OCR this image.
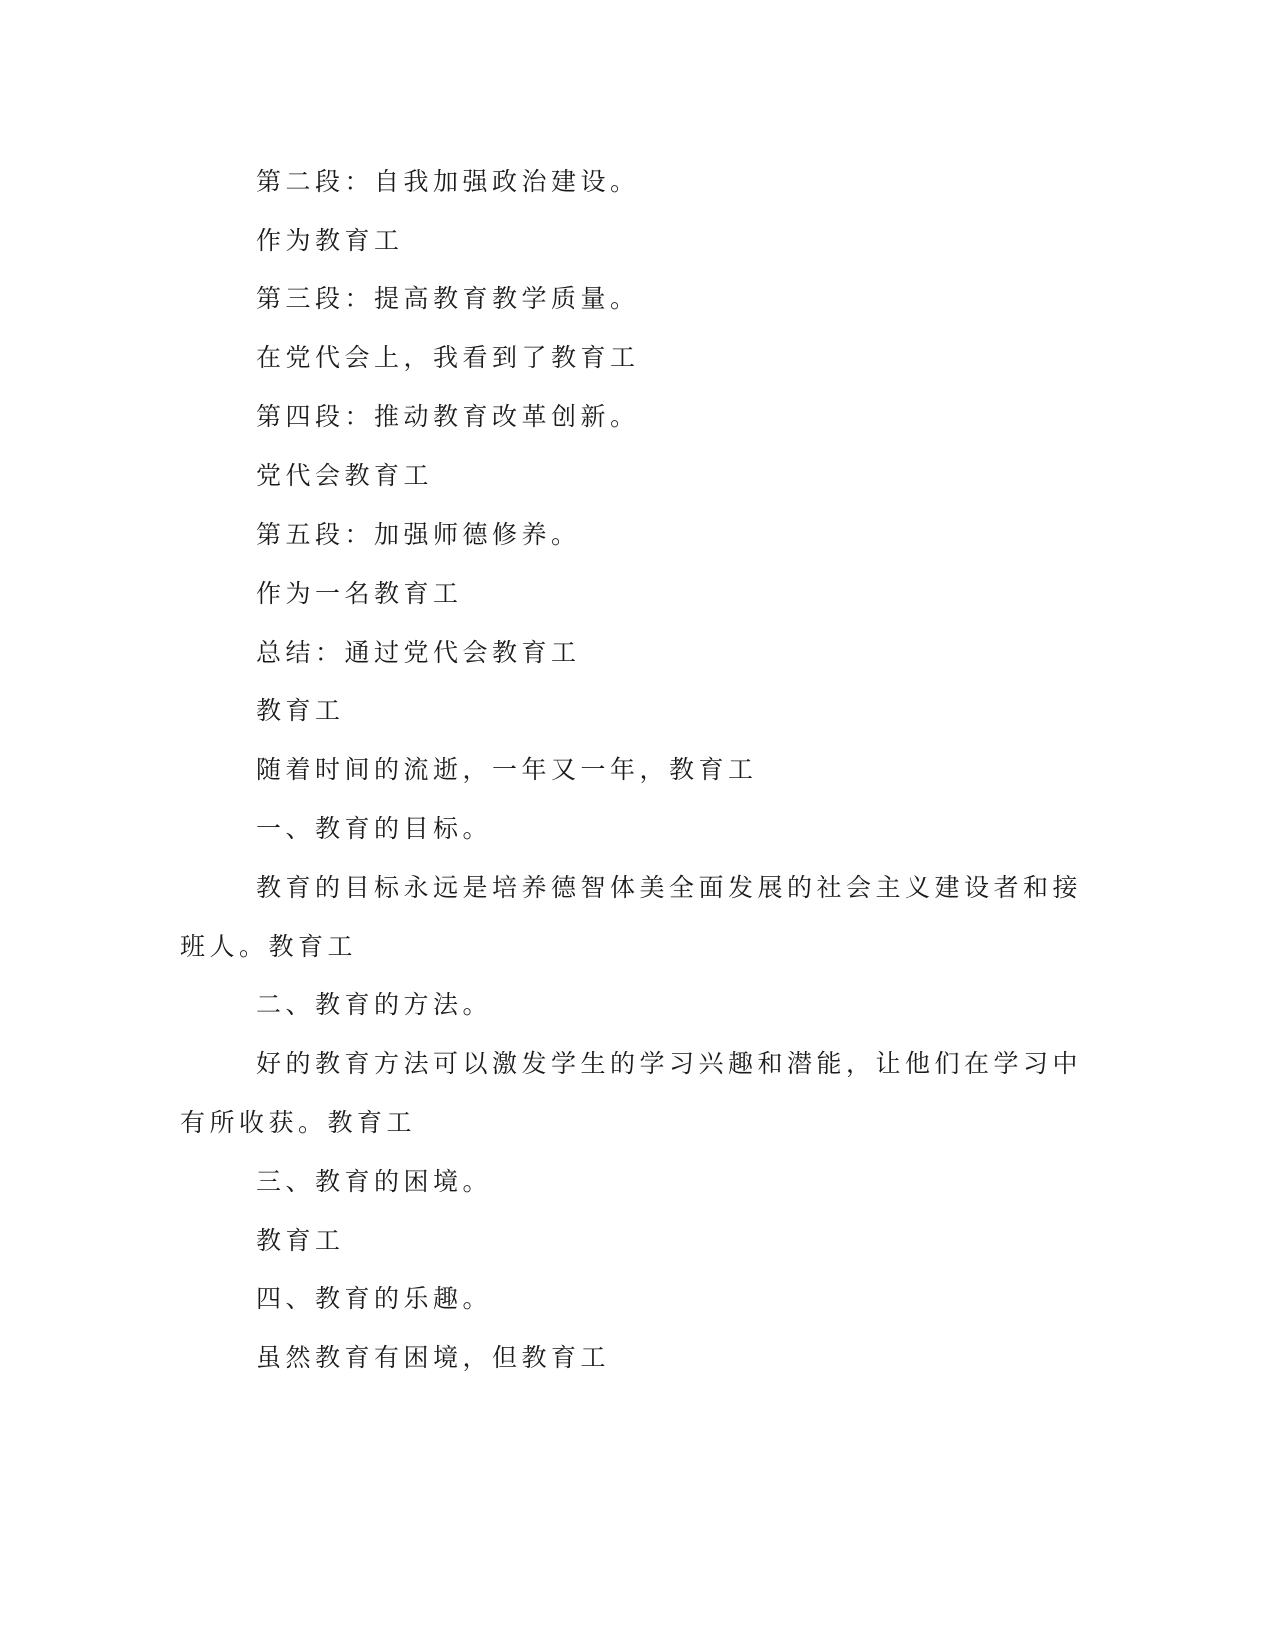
第二段：自我加强政治建设。
作为教育工
第三段：提高教育教学质量。
在党代会上，我看到了教育工
第四段：推动教育改革创新。
党代会教育工
第五段：加强师德修养。
作为一名教育工
总结：通过党代会教育工
教育工
随着时间的流逝，一年又一年，教育工
一、教育的目标。
教育的目标永远是培养德智体美全面发展的社会主义建设者和接
班人。教育工
二、教育的方法。
好的教育方法可以激发学生的学习兴趣和潜能，让他们在学习中
有所收获。教育工
三、教育的困境。
教育工
四、教育的乐趣。
虽然教育有困境，但教育工
